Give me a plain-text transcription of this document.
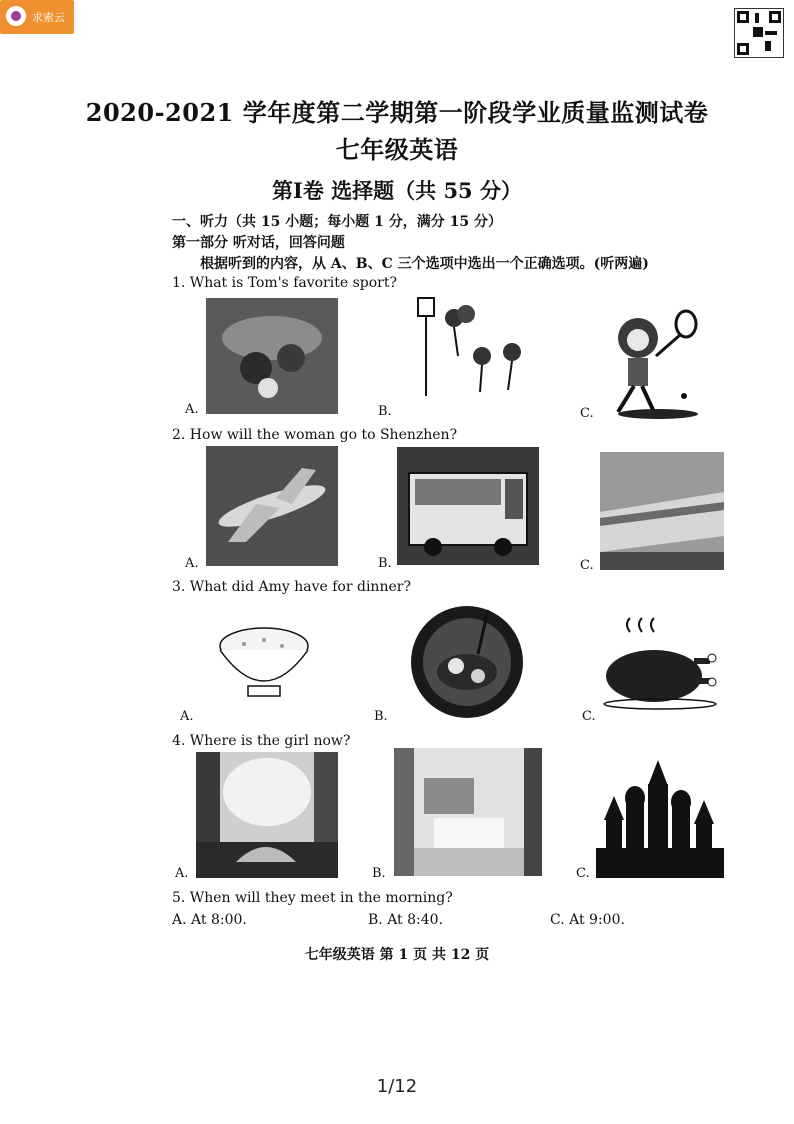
求索云
2020-2021 学年度第二学期第一阶段学业质量监测试卷
七年级英语
第I卷 选择题（共 55 分）
一、听力（共 15 小题；每小题 1 分，满分 15 分）
第一部分 听对话，回答问题
根据听到的内容，从 A、B、C 三个选项中选出一个正确选项。(听两遍)
1. What is Tom's favorite sport?
A.	B.	C.
2. How will the woman go to Shenzhen?
A.	B.	C.
3. What did Amy have for dinner?
A.	B.	C.
4. Where is the girl now?
A.	B.	C.
5. When will they meet in the morning?
A. At 8:00.	B. At 8:40.	C. At 9:00.
七年级英语 第 1 页 共 12 页
1/12
